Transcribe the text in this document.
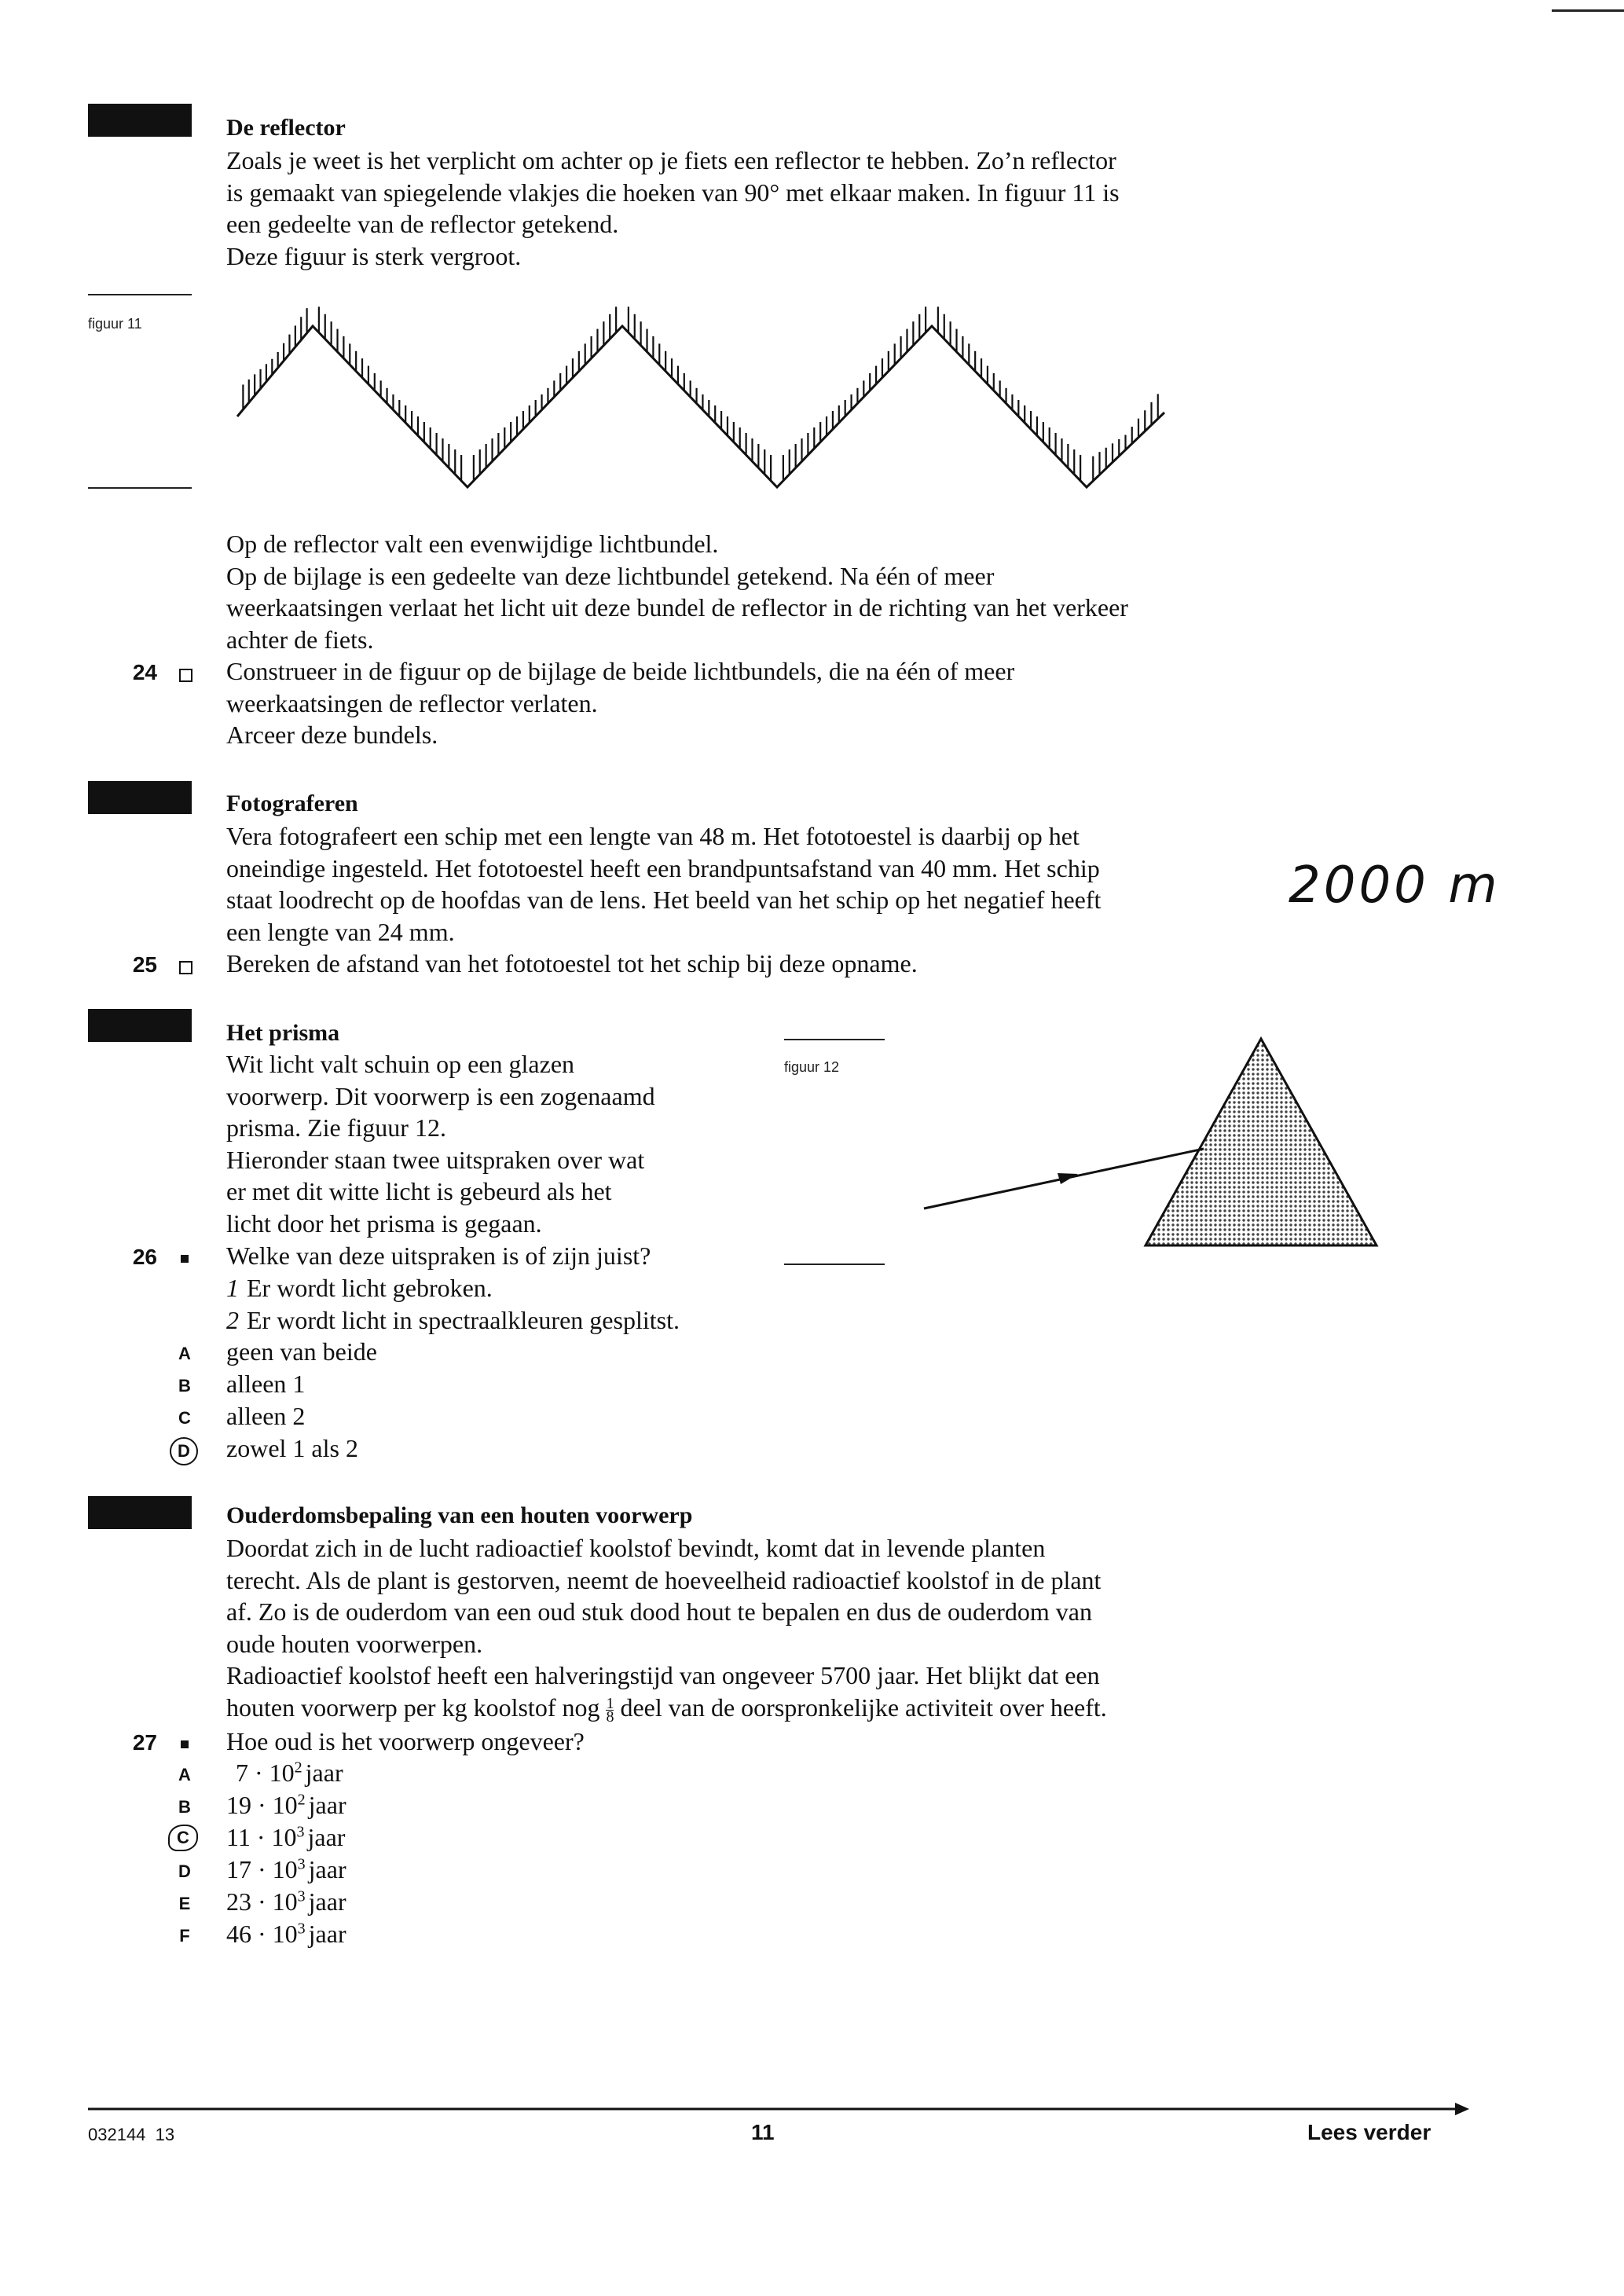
De reflector
Zoals je weet is het verplicht om achter op je fiets een reflector te hebben. Zo’n reflector
is gemaakt van spiegelende vlakjes die hoeken van 90° met elkaar maken. In figuur 11 is
een gedeelte van de reflector getekend.
Deze figuur is sterk vergroot.
figuur 11
Op de reflector valt een evenwijdige lichtbundel.
Op de bijlage is een gedeelte van deze lichtbundel getekend. Na één of meer
weerkaatsingen verlaat het licht uit deze bundel de reflector in de richting van het verkeer
achter de fiets.
24	Construeer in de figuur op de bijlage de beide lichtbundels, die na één of meer
weerkaatsingen de reflector verlaten.
Arceer deze bundels.
Fotograferen
Vera fotografeert een schip met een lengte van 48 m. Het fototoestel is daarbij op het
oneindige ingesteld. Het fototoestel heeft een brandpuntsafstand van 40 mm. Het schip
staat loodrecht op de hoofdas van de lens. Het beeld van het schip op het negatief heeft
een lengte van 24 mm.
2000 m
25	Bereken de afstand van het fototoestel tot het schip bij deze opname.
Het prisma
Wit licht valt schuin op een glazen
voorwerp. Dit voorwerp is een zogenaamd
prisma. Zie figuur 12.
Hieronder staan twee uitspraken over wat
er met dit witte licht is gebeurd als het
licht door het prisma is gegaan.
figuur 12
26	Welke van deze uitspraken is of zijn juist?
1 Er wordt licht gebroken.
2 Er wordt licht in spectraalkleuren gesplitst.
A geen van beide
B alleen 1
C alleen 2
D	zowel 1 als 2
Ouderdomsbepaling van een houten voorwerp
Doordat zich in de lucht radioactief koolstof bevindt, komt dat in levende planten
terecht. Als de plant is gestorven, neemt de hoeveelheid radioactief koolstof in de plant
af. Zo is de ouderdom van een oud stuk dood hout te bepalen en dus de ouderdom van
oude houten voorwerpen.
Radioactief koolstof heeft een halveringstijd van ongeveer 5700 jaar. Het blijkt dat een
houten voorwerp per kg koolstof nog $\frac{1}{8}$ deel van de oorspronkelijke activiteit over heeft.
27	Hoe oud is het voorwerp ongeveer?
A $7 \cdot 10^2$ jaar
B $19 \cdot 10^2$ jaar
C	$11 \cdot 10^3$ jaar
D $17 \cdot 10^3$ jaar
E $23 \cdot 10^3$ jaar
F $46 \cdot 10^3$ jaar
032144  13	11	Lees verder
